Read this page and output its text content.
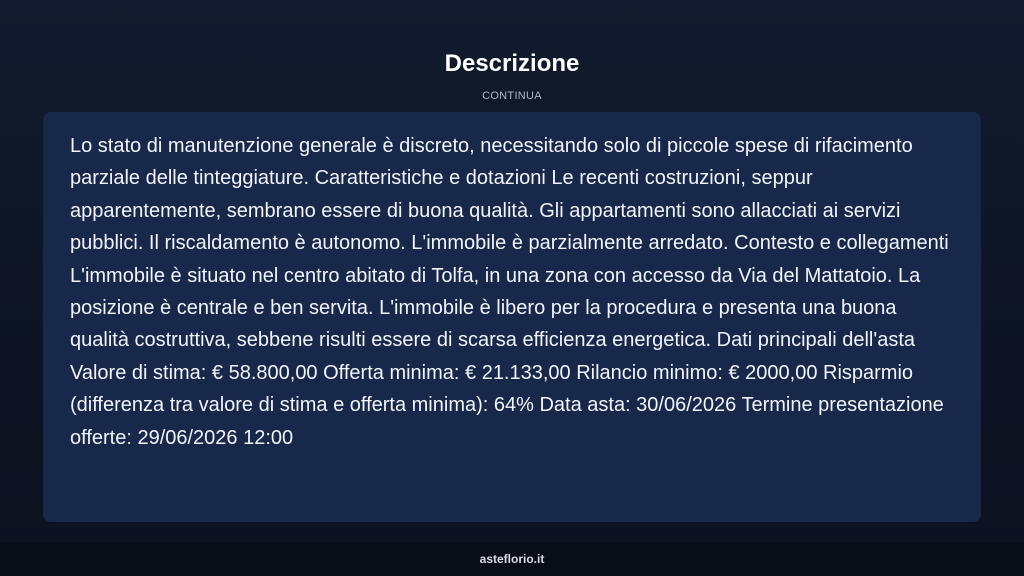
Descrizione
CONTINUA

Lo stato di manutenzione generale è discreto, necessitando solo di piccole spese di rifacimento parziale delle tinteggiature. Caratteristiche e dotazioni Le recenti costruzioni, seppur apparentemente, sembrano essere di buona qualità. Gli appartamenti sono allacciati ai servizi pubblici. Il riscaldamento è autonomo. L'immobile è parzialmente arredato. Contesto e collegamenti L'immobile è situato nel centro abitato di Tolfa, in una zona con accesso da Via del Mattatoio. La posizione è centrale e ben servita. L'immobile è libero per la procedura e presenta una buona qualità costruttiva, sebbene risulti essere di scarsa efficienza energetica. Dati principali dell'asta Valore di stima: € 58.800,00 Offerta minima: € 21.133,00 Rilancio minimo: € 2000,00 Risparmio (differenza tra valore di stima e offerta minima): 64% Data asta: 30/06/2026 Termine presentazione offerte: 29/06/2026 12:00

asteflorio.it
